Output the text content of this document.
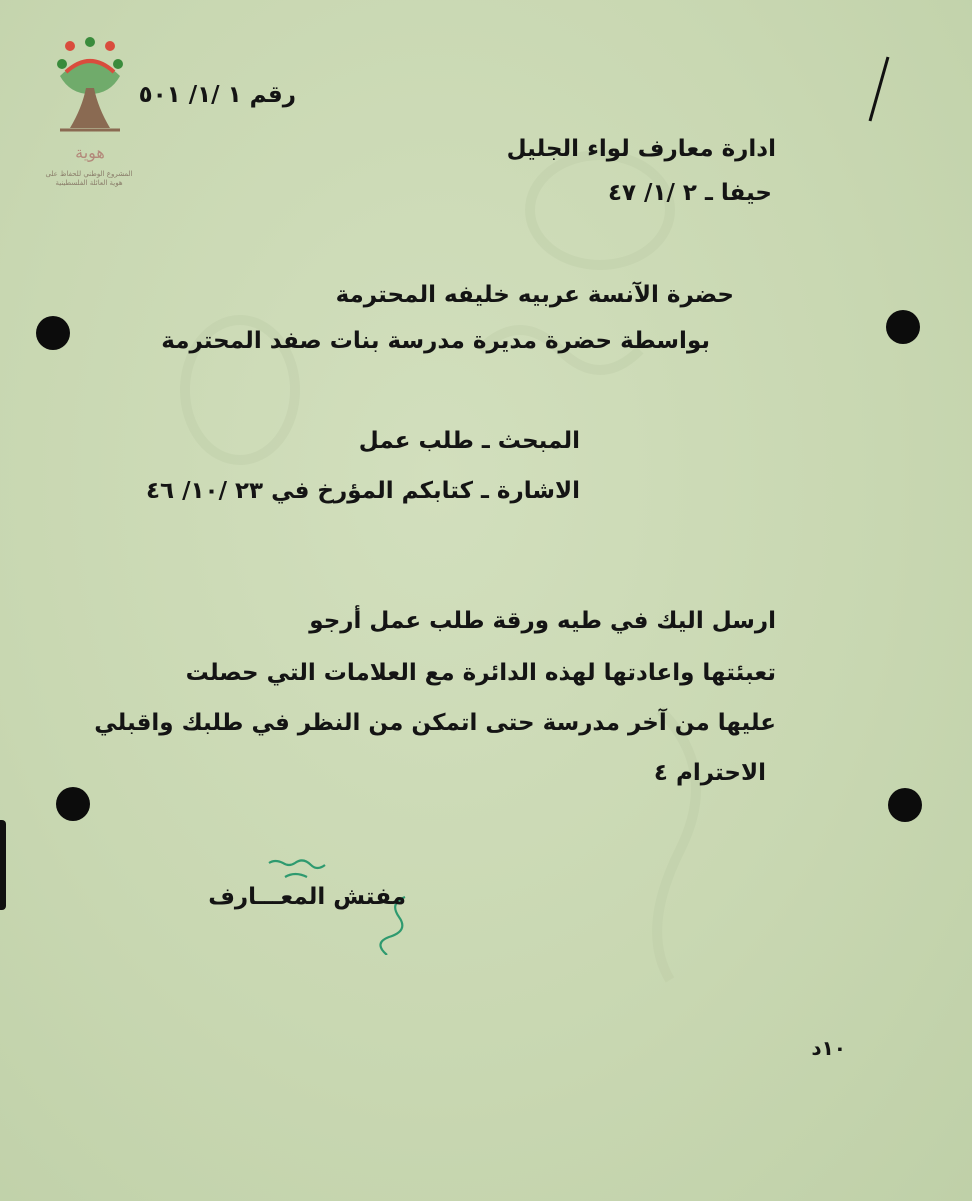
هوية
المشروع الوطني للحفاظ على هوية العائلة الفلسطينية
رقم ١ /١/ ٥٠١
ادارة معارف لواء الجليل
حيفا ـ ٢ /١/ ٤٧
حضرة الآنسة عربيه خليفه المحترمة
بواسطة حضرة مديرة مدرسة بنات صفد المحترمة
المبحث ـ طلب عمل
الاشارة ـ كتابكم المؤرخ في ٢٣ /١٠/ ٤٦
ارسل اليك في طيه ورقة طلب عمل أرجو
تعبئتها واعادتها لهذه الدائرة مع العلامات التي حصلت
عليها من آخر مدرسة حتى اتمكن من النظر في طلبك واقبلي
الاحترام ٤
مفتش المعـــارف
١٠د
